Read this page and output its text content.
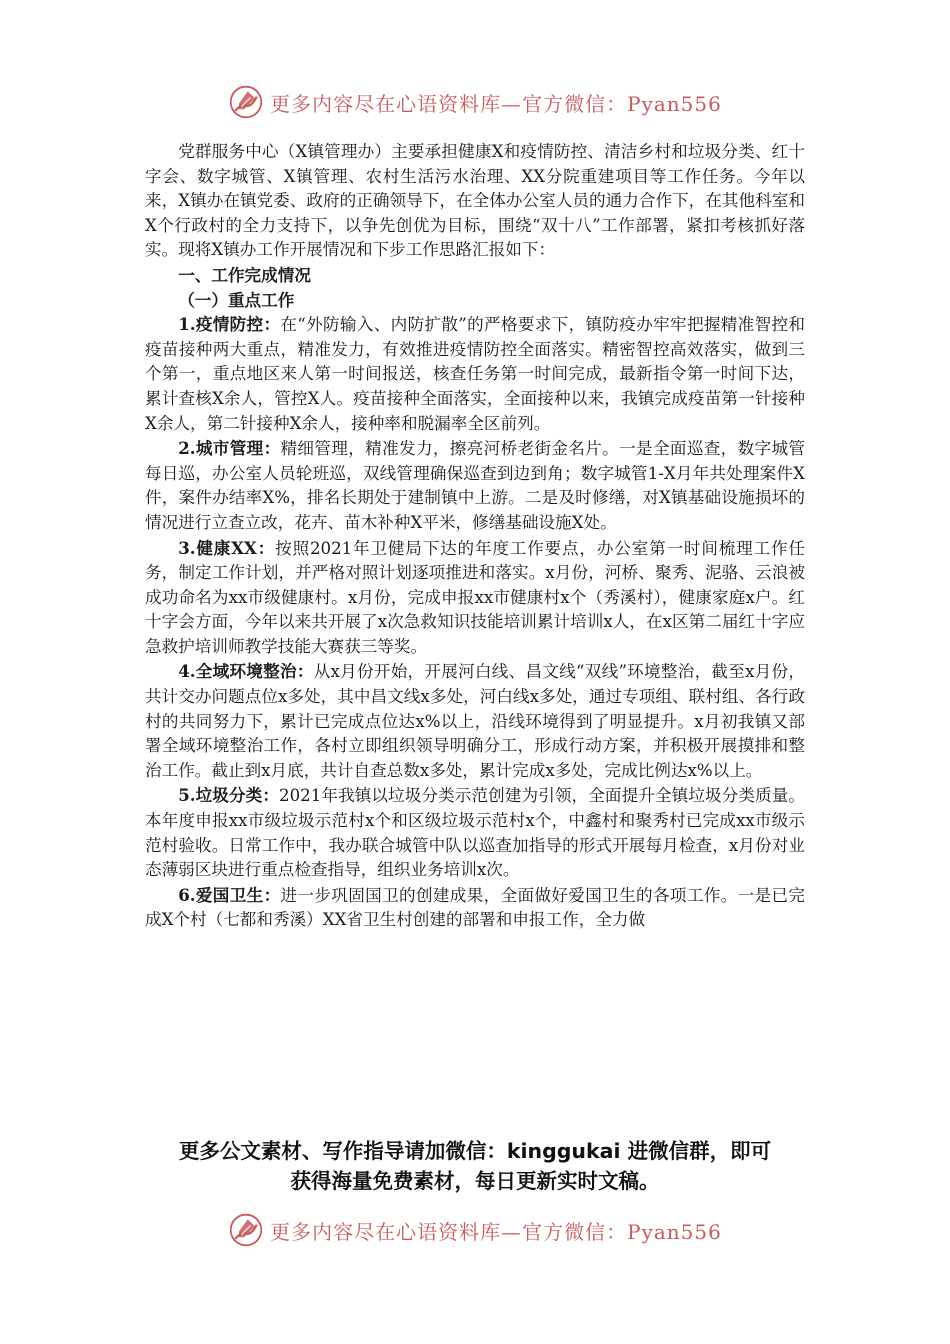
更多内容尽在心语资料库—官方微信：Pyan556

党群服务中心（X镇管理办）主要承担健康X和疫情防控、清洁乡村和垃圾分类、红十字会、数字城管、X镇管理、农村生活污水治理、XX分院重建项目等工作任务。今年以来，X镇办在镇党委、政府的正确领导下，在全体办公室人员的通力合作下，在其他科室和X个行政村的全力支持下，以争先创优为目标，围绕“双十八”工作部署，紧扣考核抓好落实。现将X镇办工作开展情况和下步工作思路汇报如下：

一、工作完成情况

（一）重点工作

1.疫情防控：在“外防输入、内防扩散”的严格要求下，镇防疫办牢牢把握精准智控和疫苗接种两大重点，精准发力，有效推进疫情防控全面落实。精密智控高效落实，做到三个第一，重点地区来人第一时间报送，核查任务第一时间完成，最新指令第一时间下达，累计查核X余人，管控X人。疫苗接种全面落实，全面接种以来，我镇完成疫苗第一针接种X余人，第二针接种X余人，接种率和脱漏率全区前列。

2.城市管理：精细管理，精准发力，擦亮河桥老街金名片。一是全面巡查，数字城管每日巡，办公室人员轮班巡，双线管理确保巡查到边到角；数字城管1-X月年共处理案件X件，案件办结率X%，排名长期处于建制镇中上游。二是及时修缮，对X镇基础设施损坏的情况进行立查立改，花卉、苗木补种X平米，修缮基础设施X处。

3.健康XX：按照2021年卫健局下达的年度工作要点，办公室第一时间梳理工作任务，制定工作计划，并严格对照计划逐项推进和落实。x月份，河桥、聚秀、泥骆、云浪被成功命名为xx市级健康村。x月份，完成申报xx市健康村x个（秀溪村），健康家庭x户。红十字会方面，今年以来共开展了x次急救知识技能培训累计培训x人，在x区第二届红十字应急救护培训师教学技能大赛获三等奖。

4.全域环境整治：从x月份开始，开展河白线、昌文线“双线”环境整治，截至x月份，共计交办问题点位x多处，其中昌文线x多处，河白线x多处，通过专项组、联村组、各行政村的共同努力下，累计已完成点位达x%以上，沿线环境得到了明显提升。x月初我镇又部署全域环境整治工作，各村立即组织领导明确分工，形成行动方案，并积极开展摸排和整治工作。截止到x月底，共计自查总数x多处，累计完成x多处，完成比例达x%以上。

5.垃圾分类：2021年我镇以垃圾分类示范创建为引领，全面提升全镇垃圾分类质量。本年度申报xx市级垃圾示范村x个和区级垃圾示范村x个，中鑫村和聚秀村已完成xx市级示范村验收。日常工作中，我办联合城管中队以巡查加指导的形式开展每月检查，x月份对业态薄弱区块进行重点检查指导，组织业务培训x次。

6.爱国卫生：进一步巩固国卫的创建成果，全面做好爱国卫生的各项工作。一是已完成X个村（七都和秀溪）XX省卫生村创建的部署和申报工作，全力做

更多公文素材、写作指导请加微信：kinggukai 进微信群，即可
获得海量免费素材，每日更新实时文稿。
更多内容尽在心语资料库—官方微信：Pyan556
